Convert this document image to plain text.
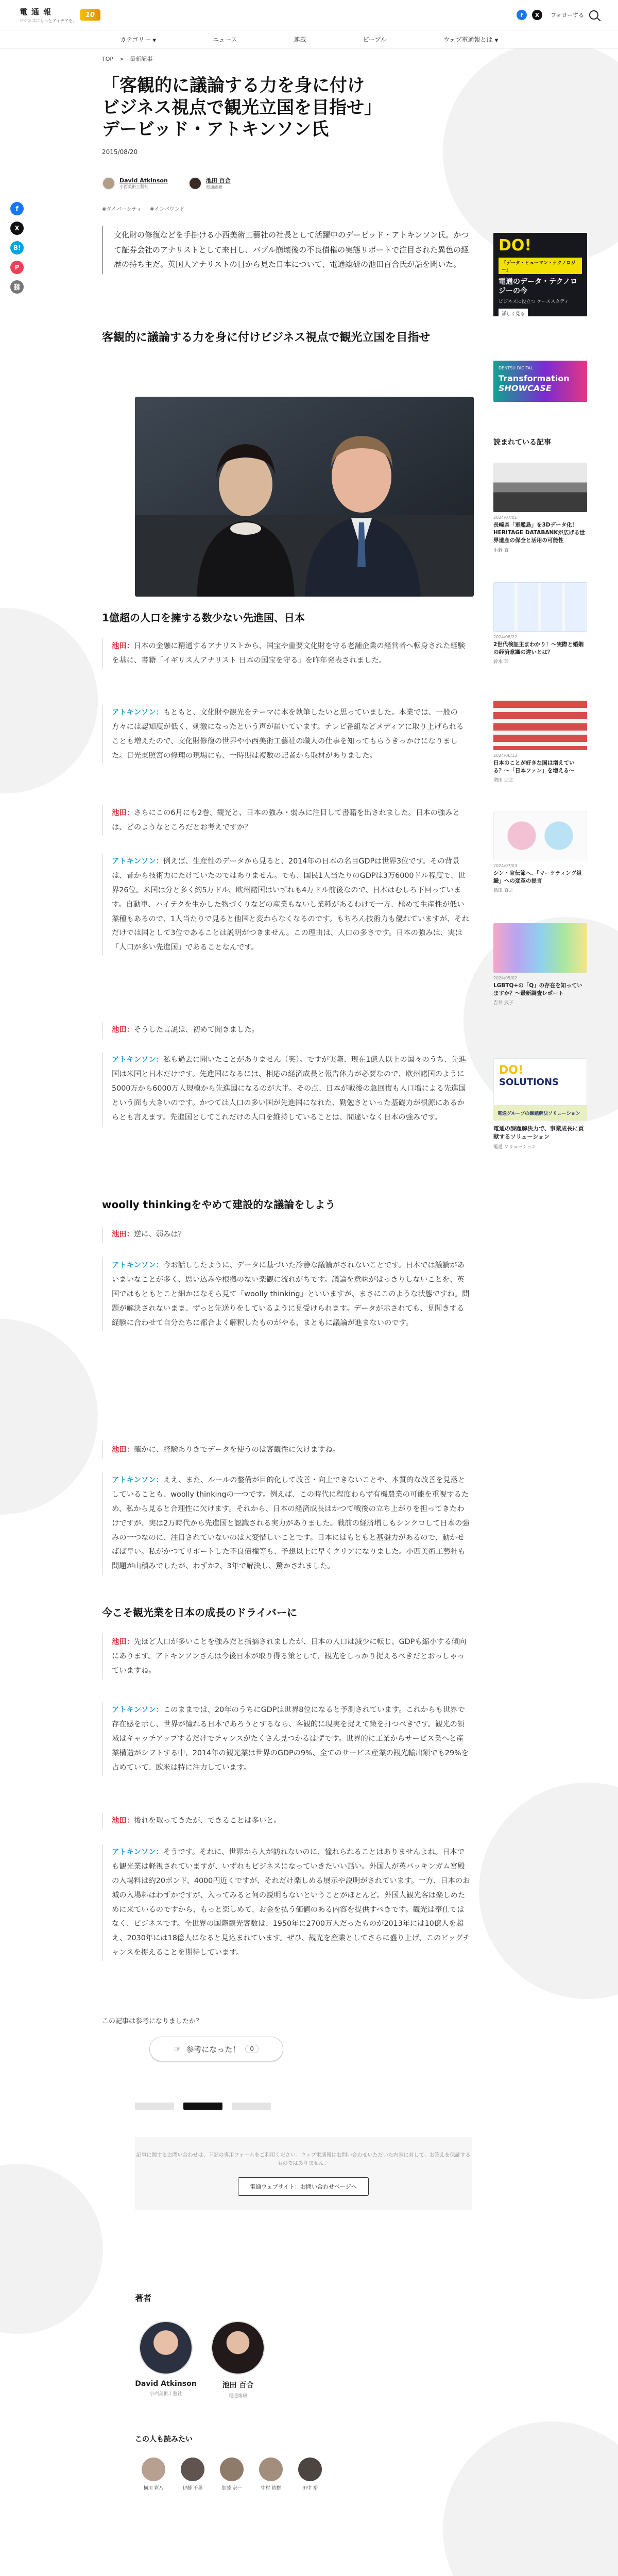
電通報
ビジネスにもっとアイデアを。
10	f	X	フォローする
カテゴリー ▼	ニュース	連載	ピープル	ウェブ電通報とは ▼
TOP > 最新記事
「客観的に議論する力を身に付け
ビジネス視点で観光立国を目指せ」
デービッド・アトキンソン氏
2015/08/20
David Atkinson
小西美術工藝社
池田 百合
電通総研
#ダイバーシティ #インバウンド
f
X
B!
P
⛓

文化財の修復などを手掛ける小西美術工藝社の社長として活躍中のデービッド・アトキンソン氏。かつて証券会社のアナリストとして来日し、バブル崩壊後の不良債権の実態リポートで注目された異色の経歴の持ち主だ。英国人アナリストの目から見た日本について、電通総研の池田百合氏が話を聞いた。

客観的に議論する力を身に付けビジネス視点で観光立国を目指せ
1億超の人口を擁する数少ない先進国、日本

池田：日本の金融に精通するアナリストから、国宝や重要文化財を守る老舗企業の経営者へ転身された経験を基に、書籍「イギリス人アナリスト 日本の国宝を守る」を昨年発表されました。

アトキンソン：もともと、文化財や観光をテーマに本を執筆したいと思っていました。本業では、一般の方々には認知度が低く、刺激になったという声が届いています。テレビ番組などメディアに取り上げられることも増えたので、文化財修復の世界や小西美術工藝社の職人の仕事を知ってもらうきっかけになりました。日光東照宮の修理の現場にも、一時期は複数の記者から取材がありました。

池田：さらにこの6月にも2巻、観光と、日本の強み・弱みに注目して書籍を出されました。日本の強みとは、どのようなところだとお考えですか？

アトキンソン：例えば、生産性のデータから見ると、2014年の日本の名目GDPは世界3位です。その背景は、昔から技術力にたけていたのではありません。でも、国民1人当たりのGDPは3万6000ドル程度で、世界26位。米国は分と多く約5万ドル、欧州諸国はいずれも4万ドル前後なので、日本はむしろ下回っています。自動車、ハイテクを生かした物づくりなどの産業もないし業種があるわけで一方、極めて生産性が低い業種もあるので、1人当たりで見ると他国と変わらなくなるのです。もちろん技術力も優れていますが、それだけでは国として3位であることは説明がつきません。この理由は、人口の多さです。日本の強みは、実は「人口が多い先進国」であることなんです。

池田：そうした言説は、初めて聞きました。

アトキンソン：私も過去に聞いたことがありません（笑）。ですが実際、現在1億人以上の国々のうち、先進国は米国と日本だけです。先進国になるには、相応の経済成長と報告体力が必要なので、欧州諸国のように5000万から6000万人規模から先進国になるのが大半。その点、日本が戦後の急回復も人口増による先進国という面も大きいのです。かつては人口の多い国が先進国になれた、勤勉さといった基礎力が根源にあるからとも言えます。先進国としてこれだけの人口を維持していることは、間違いなく日本の強みです。

woolly thinkingをやめて建設的な議論をしよう

池田：逆に、弱みは？

アトキンソン：今お話ししたように、データに基づいた冷静な議論がされないことです。日本では議論があいまいなことが多く、思い込みや根拠のない楽観に流れがちです。議論を意味がはっきりしないことを、英国ではもともとこと細かになそら見て「woolly thinking」といいますが、まさにこのような状態ですね。問題が解決されないまま、ずっと先送りをしているように見受けられます。データが示されても、見聞きする経験に合わせて自分たちに都合よく解釈したものがやる、まともに議論が進まないのです。

池田：確かに、経験ありきでデータを使うのは客観性に欠けますね。

アトキンソン：ええ、また、ルールの整備が目的化して改善・向上できないことや、本質的な改善を見落としていることも、woolly thinkingの一つです。例えば、この時代に程度わらず有機農業の可能を重視するため、私から見ると合理性に欠けます。それから、日本の経済成長はかつて戦後の立ち上がりを担ってきたわけですが、実は2万時代から先進国と認識される実力がありました。戦前の経済増しもシンクロして日本の強みの一つなのに、注目されていないのは大変惜しいことです。日本にはもともと基盤力があるので、動かせばば早い。私がかつてリポートした不良債権等も、予想以上に早くクリアになりました。小西美術工藝社も問題が山積みでしたが、わずか2、3年で解決し、驚かされました。

今こそ観光業を日本の成長のドライバーに

池田：先ほど人口が多いことを強みだと指摘されましたが、日本の人口は減少に転じ、GDPも縮小する傾向にあります。アトキンソンさんは今後日本が取り得る策として、観光をしっかり捉えるべきだとおっしゃっていますね。

アトキンソン：このままでは、20年のうちにGDPは世界8位になると予測されています。これからも世界で存在感を示し、世界が憧れる日本であろうとするなら、客観的に現実を捉えて策を打つべきです。観光の領域はキャッチアップするだけでチャンスがたくさん見つかるはずです。世界的に工業からサービス業へと産業構造がシフトする中、2014年の観光業は世界のGDPの9%、全てのサービス産業の観光輸出額でも29%を占めていて、欧米は特に注力しています。

池田：後れを取ってきたが、できることは多いと。

アトキンソン：そうです。それに、世界から人が訪れないのに、憧れられることはありませんよね。日本でも観光業は軽視されていますが、いずれもビジネスになっていきたいい話い。外国人が英バッキンガム宮殿の入場料は約20ポンド、4000円近くですが、それだけ楽しめる展示や説明がされています。一方、日本のお城の入場料はわずかですが、入ってみると何の説明もないということがほとんど。外国人観光客は楽しめために来ているのですから、もっと楽しめて、お金を払う価値のある内容を提供すべきです。観光は奉仕ではなく、ビジネスです。全世界の国際観光客数は、1950年に2700万人だったものが2013年には10億人を超え、2030年には18億人になると見込まれています。ぜひ、観光を産業としてさらに盛り上げ、このビッグチャンスを捉えることを期待しています。

この記事は参考になりましたか？
☞ 参考になった！	0

記事に関するお問い合わせは、下記の専用フォームをご利用ください。ウェブ電通報はお問い合わせいただいた内容に対して、お答えを保証するものではありません。

電通ウェブサイト：お問い合わせページへ
著者
David Atkinson
小西美術工藝社
池田 百合
電通総研
この人も読みたい
横川 彩乃	伊藤 千尋	加藤 宗一	中村 祐樹	田中 裕
DO!
「データ・ヒューマン・テクノロジー」
電通のデータ・テクノロジーの今
ビジネスに役立つ ケーススタディ
詳しく見る
DENTSU DIGITAL
Transformation
SHOWCASE
読まれている記事
2024/07/01
長崎県「軍艦島」を3Dデータ化！HERITAGE DATABANKが広げる世界遺産の保全と活用の可能性
小野 直
2024/08/22
2世代検証主まわかり！〜実際と婚姻の経済意識の違いとは？
鈴木 茜
2024/06/13
日本のことが好きな国は増えている？〜「日本ファン」を増える〜
増田 朋之
2024/07/03
シン・宣伝節へ、「マーケティング組織」への変革の提言
島田 直之
2024/05/02
LGBTQ+の「Q」の存在を知っていますか？〜最新調査レポート
吉井 武子
DO! SOLUTIONS
電通グループの課題解決ソリューション
電通の課題解決力で、事業成長に貢献するソリューション
電通 ソリューション
